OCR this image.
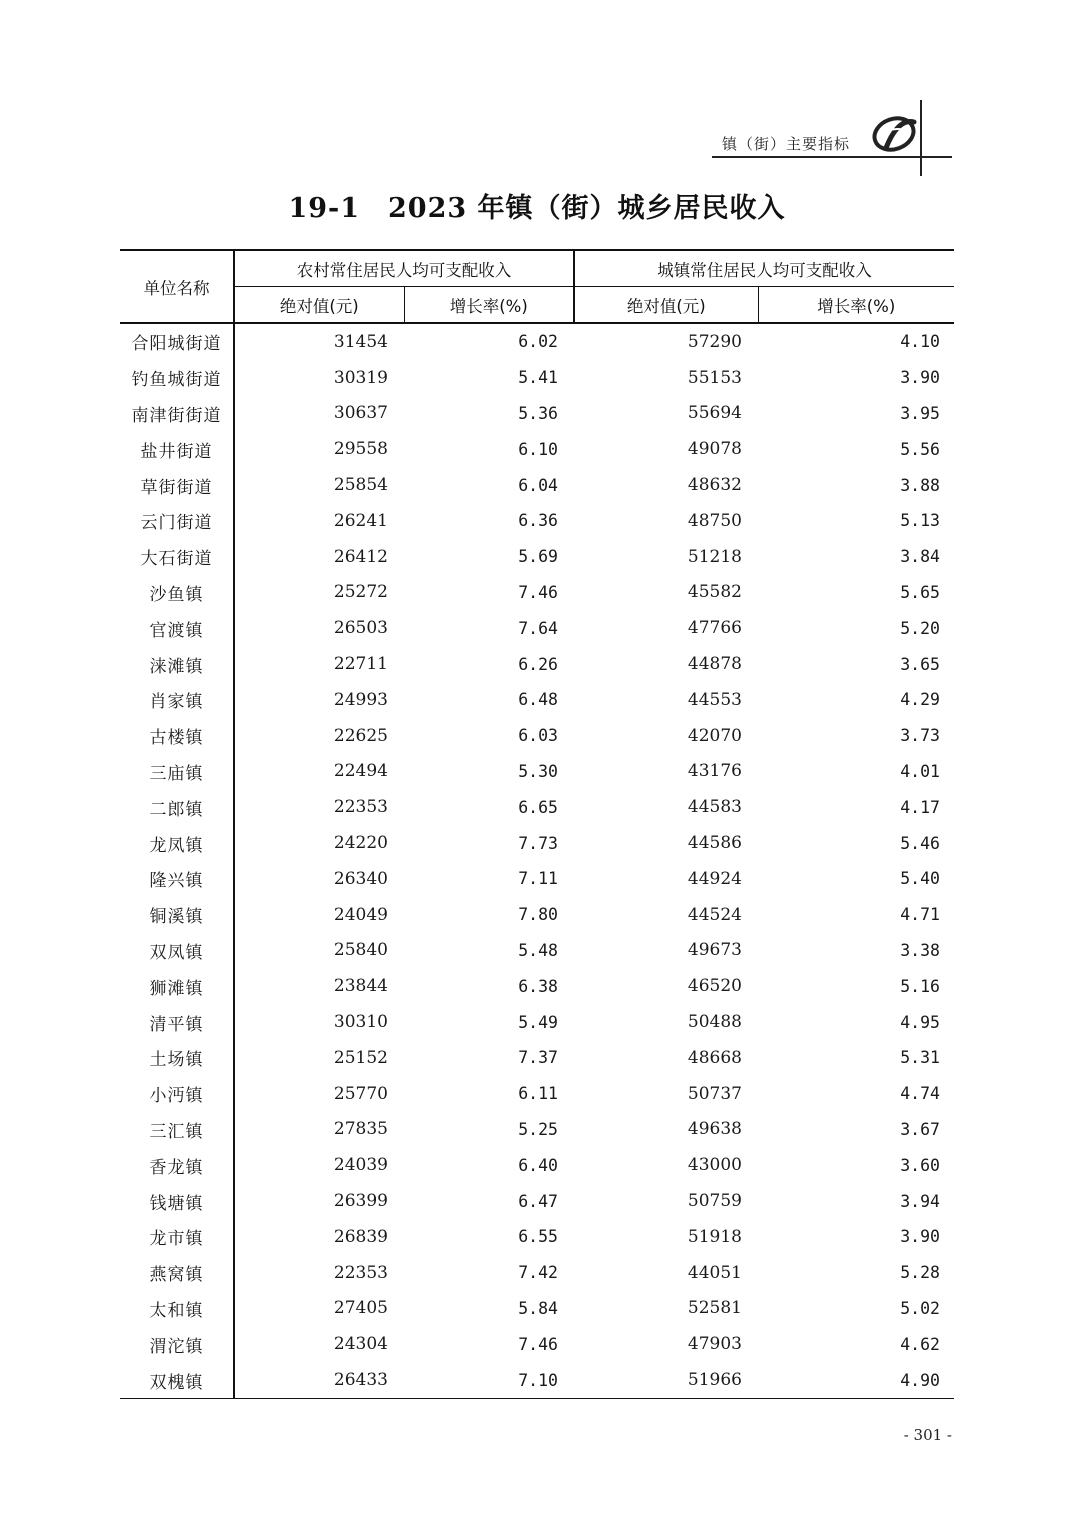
镇（街）主要指标
19-1　2023 年镇（街）城乡居民收入
单位名称	农村常住居民人均可支配收入		城镇常住居民人均可支配收入	
	绝对值(元)	增长率(%)	绝对值(元)	增长率(%)
合阳城街道	31454	6.02	57290	4.10
钓鱼城街道	30319	5.41	55153	3.90
南津街街道	30637	5.36	55694	3.95
盐井街道	29558	6.10	49078	5.56
草街街道	25854	6.04	48632	3.88
云门街道	26241	6.36	48750	5.13
大石街道	26412	5.69	51218	3.84
沙鱼镇	25272	7.46	45582	5.65
官渡镇	26503	7.64	47766	5.20
涞滩镇	22711	6.26	44878	3.65
肖家镇	24993	6.48	44553	4.29
古楼镇	22625	6.03	42070	3.73
三庙镇	22494	5.30	43176	4.01
二郎镇	22353	6.65	44583	4.17
龙凤镇	24220	7.73	44586	5.46
隆兴镇	26340	7.11	44924	5.40
铜溪镇	24049	7.80	44524	4.71
双凤镇	25840	5.48	49673	3.38
狮滩镇	23844	6.38	46520	5.16
清平镇	30310	5.49	50488	4.95
土场镇	25152	7.37	48668	5.31
小沔镇	25770	6.11	50737	4.74
三汇镇	27835	5.25	49638	3.67
香龙镇	24039	6.40	43000	3.60
钱塘镇	26399	6.47	50759	3.94
龙市镇	26839	6.55	51918	3.90
燕窝镇	22353	7.42	44051	5.28
太和镇	27405	5.84	52581	5.02
渭沱镇	24304	7.46	47903	4.62
双槐镇	26433	7.10	51966	4.90
- 301 -
